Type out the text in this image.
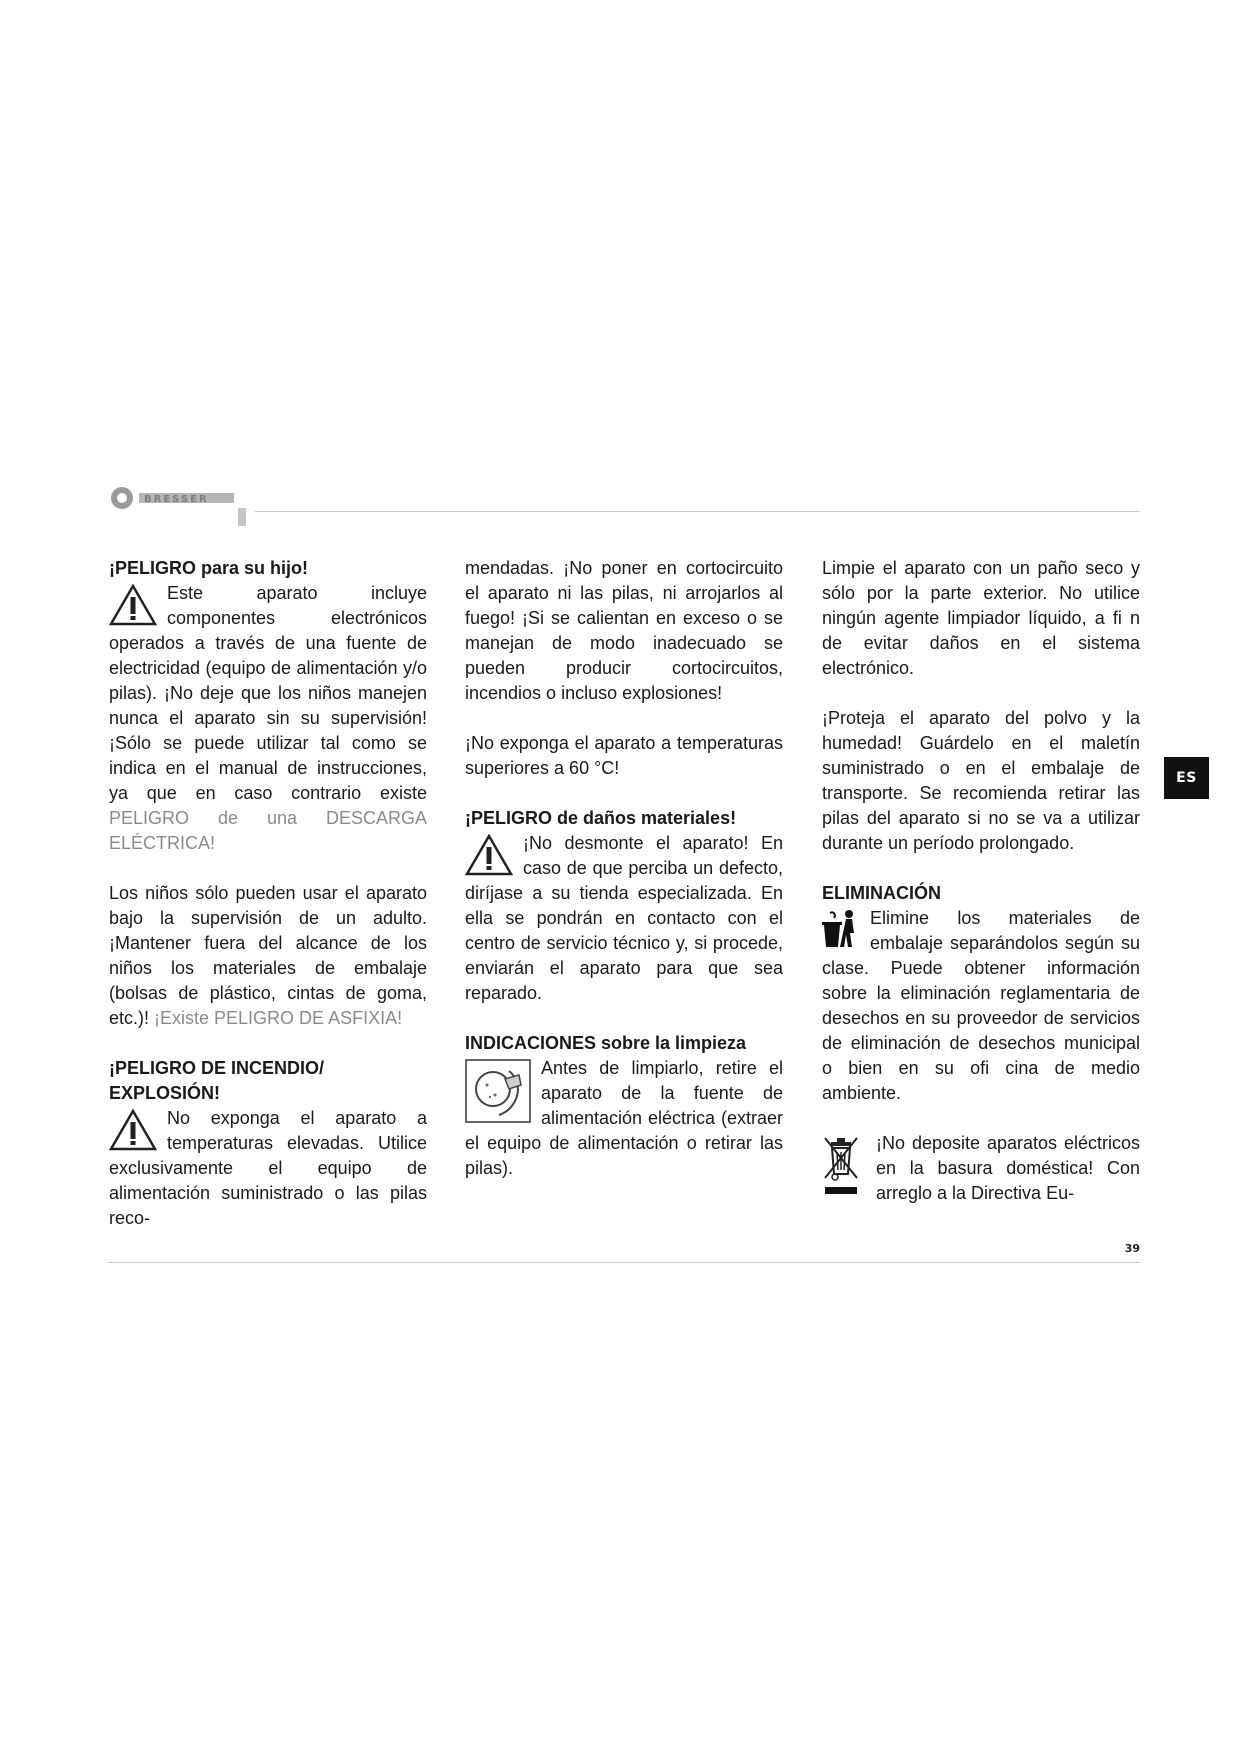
BRESSER
ES
¡PELIGRO para su hijo!

Este aparato incluye componentes electrónicos operados a través de una fuente de electricidad (equipo de alimentación y/o pilas). ¡No deje que los niños manejen nunca el aparato sin su supervisión! ¡Sólo se puede utilizar tal como se indica en el manual de instrucciones, ya que en caso contrario existe PELIGRO de una DESCARGA ELÉCTRICA!

Los niños sólo pueden usar el aparato bajo la supervisión de un adulto. ¡Mantener fuera del alcance de los niños los materiales de embalaje (bolsas de plástico, cintas de goma, etc.)! ¡Existe PELIGRO DE ASFIXIA!

¡PELIGRO DE INCENDIO/ EXPLOSIÓN!

No exponga el aparato a temperaturas elevadas. Utilice exclusivamente el equipo de alimentación suministrado o las pilas reco-

mendadas. ¡No poner en cortocircuito el aparato ni las pilas, ni arrojarlos al fuego! ¡Si se calientan en exceso o se manejan de modo inadecuado se pueden producir cortocircuitos, incendios o incluso explosiones!

¡No exponga el aparato a temperaturas superiores a 60 °C!

¡PELIGRO de daños materiales!

¡No desmonte el aparato! En caso de que perciba un defecto, diríjase a su tienda especializada. En ella se pondrán en contacto con el centro de servicio técnico y, si procede, enviarán el aparato para que sea reparado.

INDICACIONES sobre la limpieza

Antes de limpiarlo, retire el aparato de la fuente de alimentación eléctrica (extraer el equipo de alimentación o retirar las pilas).

Limpie el aparato con un paño seco y sólo por la parte exterior. No utilice ningún agente limpiador líquido, a fi n de evitar daños en el sistema electrónico.

¡Proteja el aparato del polvo y la humedad! Guárdelo en el maletín suministrado o en el embalaje de transporte. Se recomienda retirar las pilas del aparato si no se va a utilizar durante un período prolongado.

ELIMINACIÓN

Elimine los materiales de embalaje separándolos según su clase. Puede obtener información sobre la eliminación reglamentaria de desechos en su proveedor de servicios de eliminación de desechos municipal o bien en su ofi cina de medio ambiente.

¡No deposite aparatos eléctricos en la basura doméstica! Con arreglo a la Directiva Eu-

39
